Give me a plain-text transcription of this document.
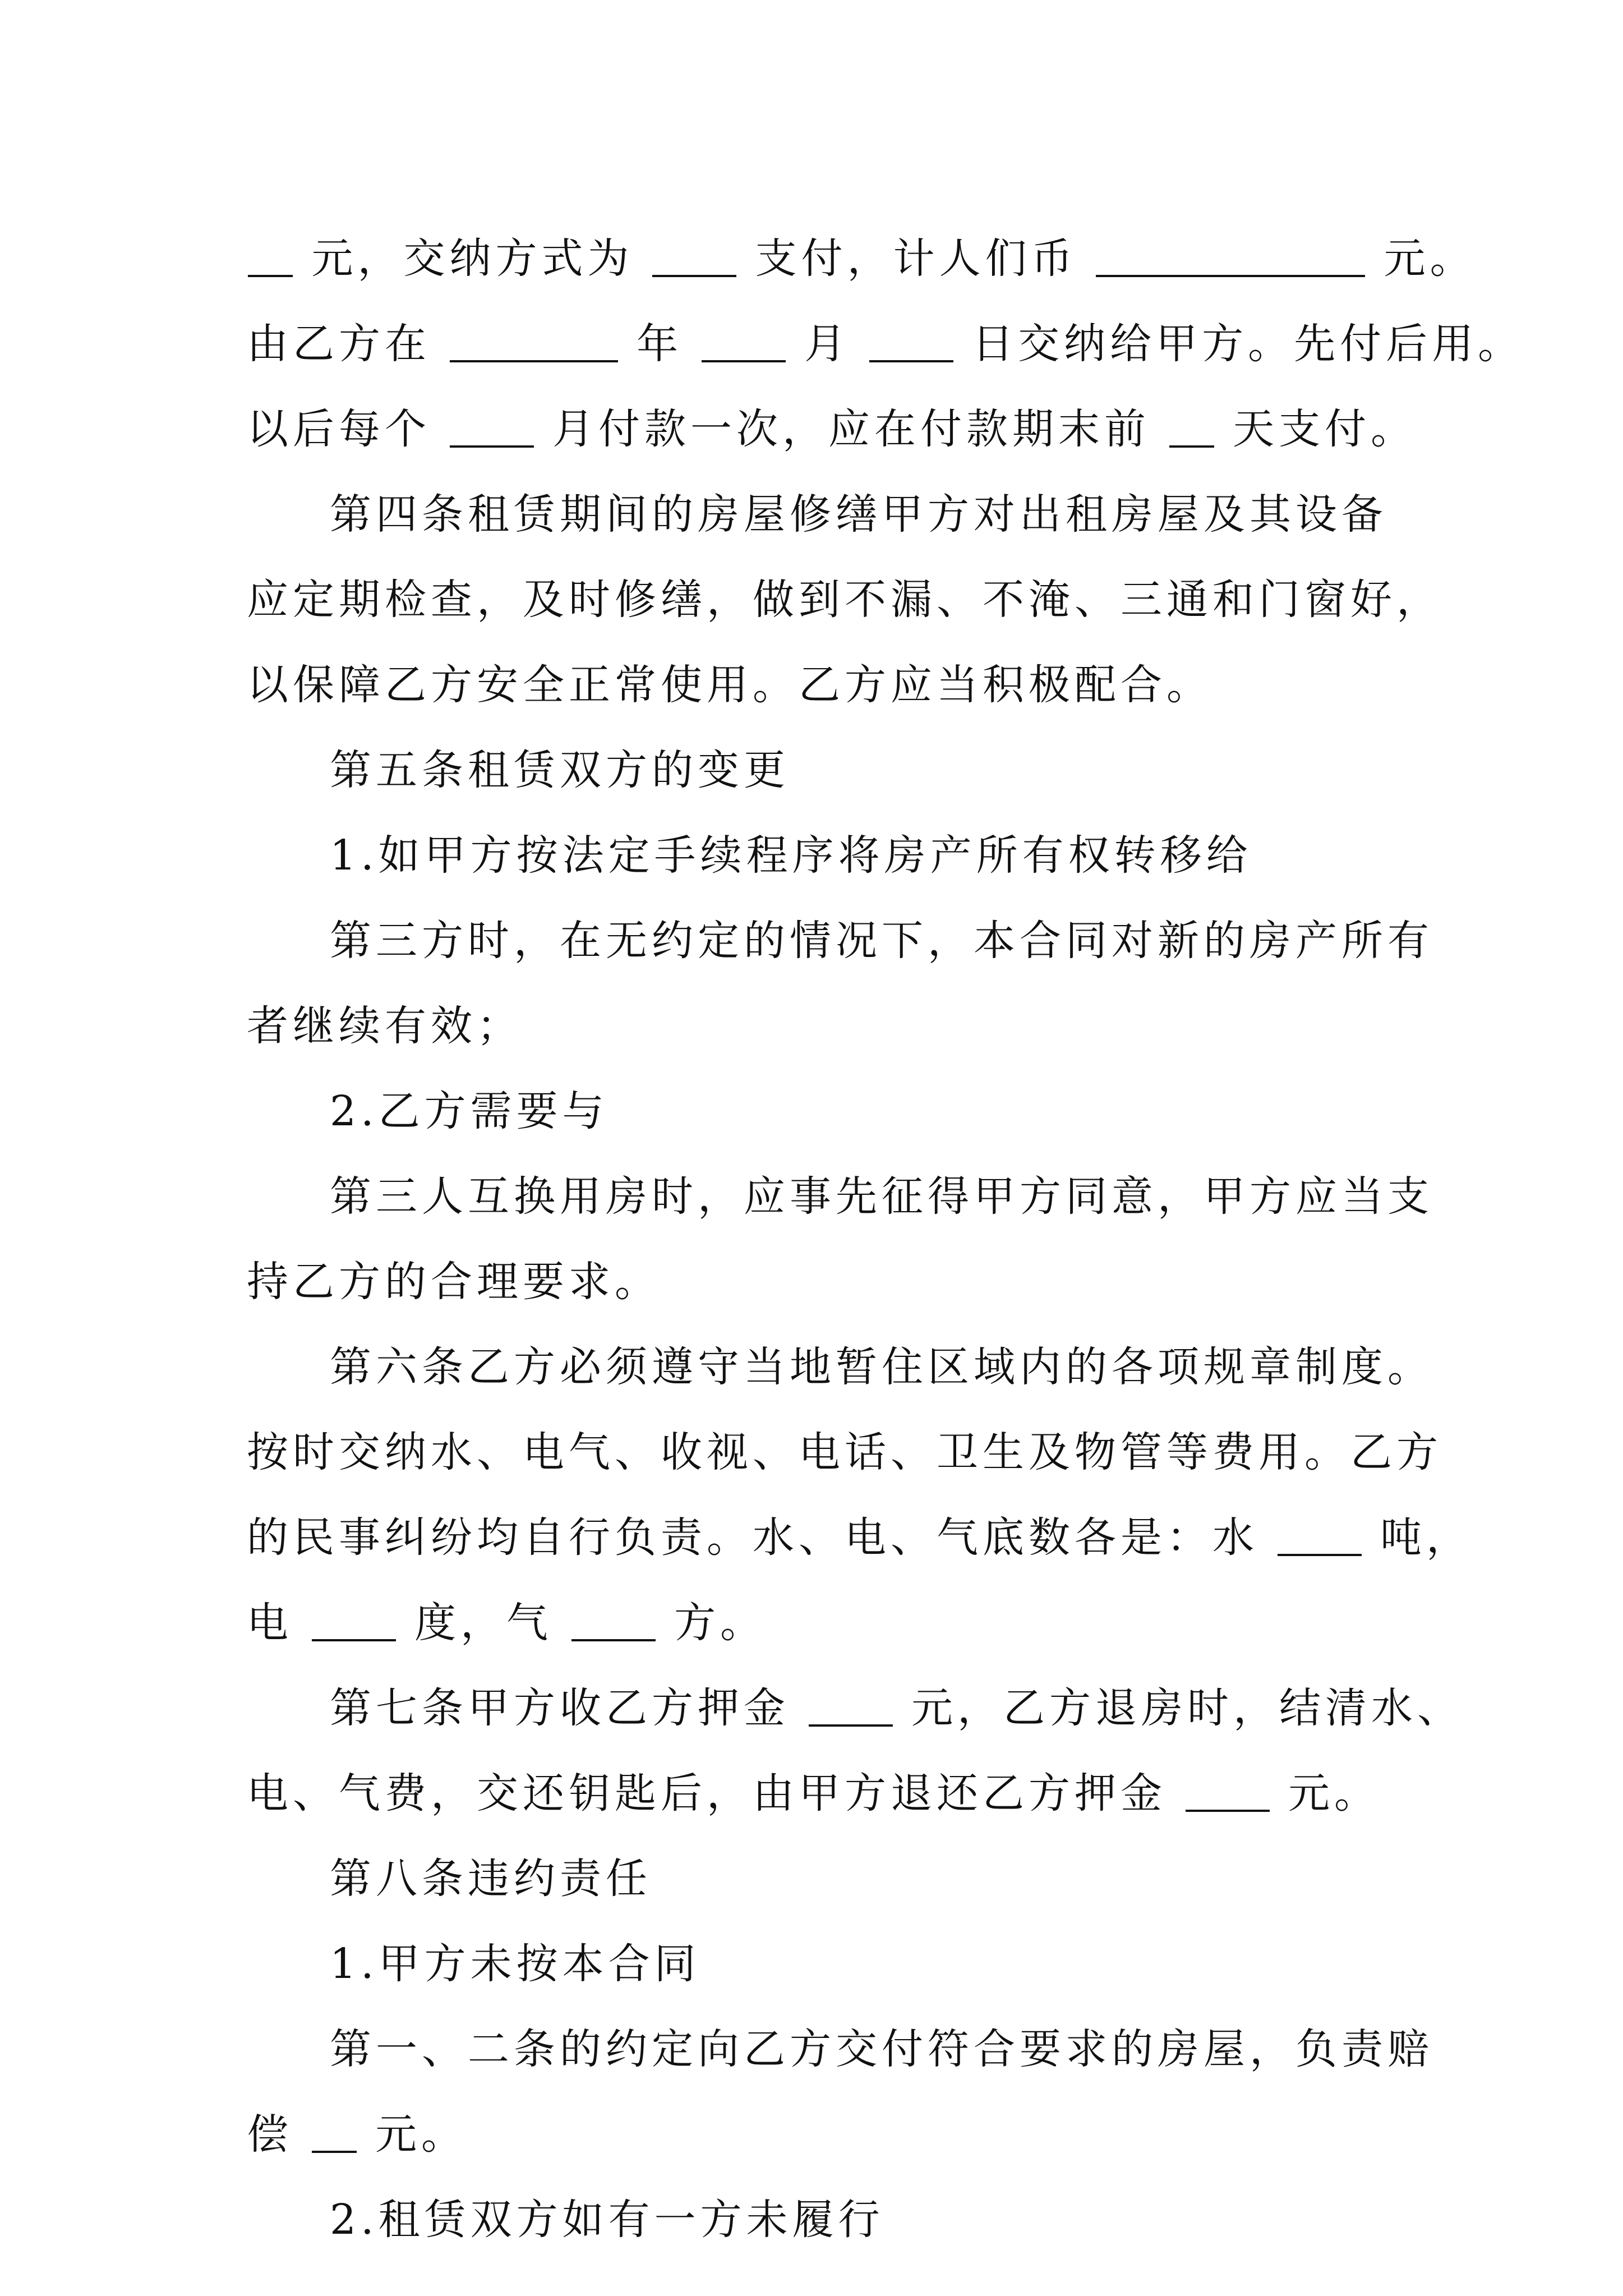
元，交纳方式为	支付，计人们币	元。
由乙方在	年	月	日交纳给甲方。先付后用。
以后每个	月付款一次，应在付款期末前 天支付。
第四条租赁期间的房屋修缮甲方对出租房屋及其设备
应定期检查，及时修缮，做到不漏、不淹、三通和门窗好，
以保障乙方安全正常使用。乙方应当积极配合。
第五条租赁双方的变更
1.如甲方按法定手续程序将房产所有权转移给
第三方时，在无约定的情况下，本合同对新的房产所有
者继续有效；
2.乙方需要与
第三人互换用房时，应事先征得甲方同意，甲方应当支
持乙方的合理要求。
第六条乙方必须遵守当地暂住区域内的各项规章制度。
按时交纳水、电气、收视、电话、卫生及物管等费用。乙方
的民事纠纷均自行负责。水、电、气底数各是：水	吨，
电	度，气	方。
第七条甲方收乙方押金	元，乙方退房时，结清水、
电、气费，交还钥匙后，由甲方退还乙方押金	元。
第八条违约责任
1.甲方未按本合同
第一、二条的约定向乙方交付符合要求的房屋，负责赔
偿 元。
2.租赁双方如有一方未履行
